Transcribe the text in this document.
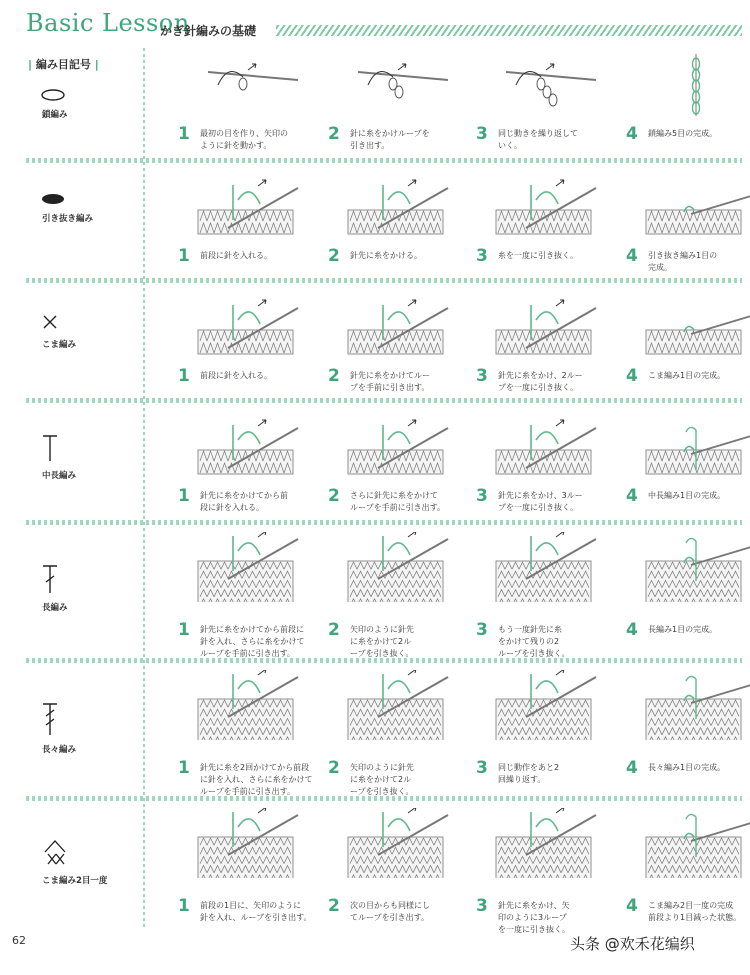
Basic Lesson
かぎ針編みの基礎
| 編み目記号 |
鎖編み
1 最初の目を作り、矢印の
ように針を動かす。
2 針に糸をかけループを
引き出す。
3 同じ動きを繰り返して
いく。
4 鎖編み5目の完成。
引き抜き編み
1 前段に針を入れる。	2 針先に糸をかける。	3 糸を一度に引き抜く。	4 引き抜き編み1目の
完成。
こま編み
1 前段に針を入れる。	2 針先に糸をかけてルー
プを手前に引き出す。
3 針先に糸をかけ、2ルー
プを一度に引き抜く。
4 こま編み1目の完成。
中長編み
1 針先に糸をかけてから前
段に針を入れる。
2 さらに針先に糸をかけて
ループを手前に引き出す。
3 針先に糸をかけ、3ルー
プを一度に引き抜く。
4 中長編み1目の完成。
長編み
1 針先に糸をかけてから前段に
針を入れ、さらに糸をかけて
ループを手前に引き出す。
2 矢印のように針先
に糸をかけて2ル
ープを引き抜く。
3 もう一度針先に糸
をかけて残りの2
ループを引き抜く。
4 長編み1目の完成。
長々編み
1 針先に糸を2回かけてから前段
に針を入れ、さらに糸をかけて
ループを手前に引き出す。
2 矢印のように針先
に糸をかけて2ル
ープを引き抜く。
3 同じ動作をあと2
回繰り返す。
4 長々編み1目の完成。
こま編み2目一度
1 前段の1目に、矢印のように
針を入れ、ループを引き出す。
2 次の目からも同様にし
てループを引き出す。
3 針先に糸をかけ、矢
印のように3ループ
を一度に引き抜く。
4 こま編み2目一度の完成
前段より1目減った状態。
62	头条 @欢禾花编织
